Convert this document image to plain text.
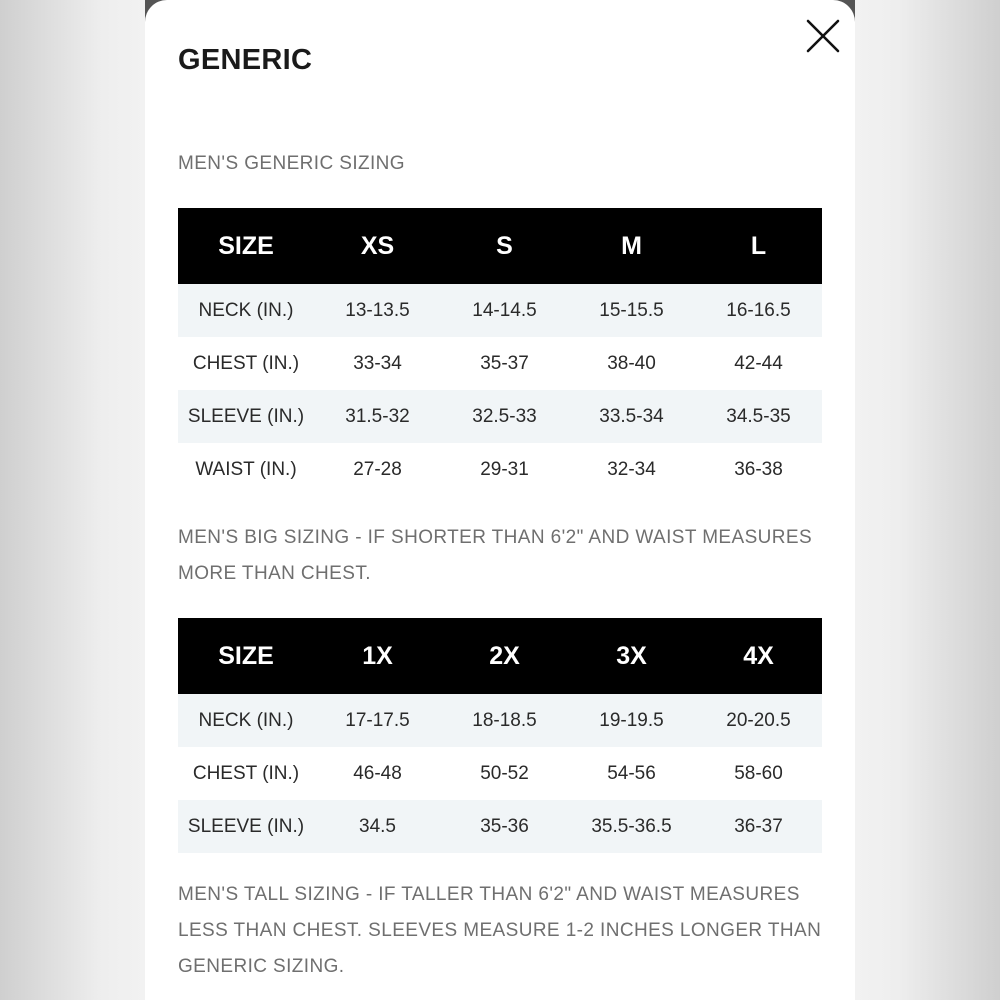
GENERIC
MEN'S GENERIC SIZING
SIZE	XS	S	M	L
NECK (IN.)	13-13.5	14-14.5	15-15.5	16-16.5
CHEST (IN.)	33-34	35-37	38-40	42-44
SLEEVE (IN.)	31.5-32	32.5-33	33.5-34	34.5-35
WAIST (IN.)	27-28	29-31	32-34	36-38
MEN'S BIG SIZING - IF SHORTER THAN 6'2" AND WAIST MEASURES MORE THAN CHEST.
SIZE	1X	2X	3X	4X
NECK (IN.)	17-17.5	18-18.5	19-19.5	20-20.5
CHEST (IN.)	46-48	50-52	54-56	58-60
SLEEVE (IN.)	34.5	35-36	35.5-36.5	36-37
MEN'S TALL SIZING - IF TALLER THAN 6'2" AND WAIST MEASURES LESS THAN CHEST. SLEEVES MEASURE 1-2 INCHES LONGER THAN GENERIC SIZING.
